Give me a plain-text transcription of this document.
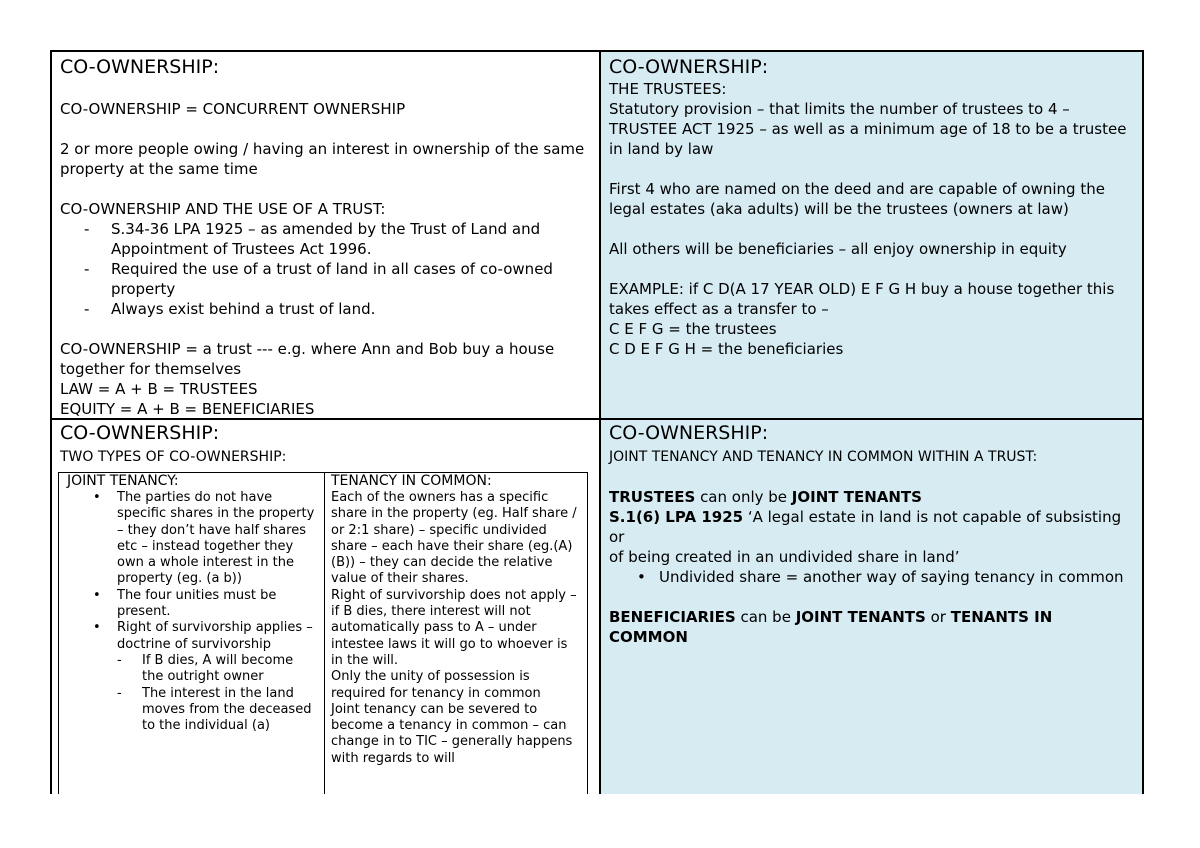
CO-OWNERSHIP:
CO-OWNERSHIP = CONCURRENT OWNERSHIP
2 or more people owing / having an interest in ownership of the same property at the same time
CO-OWNERSHIP AND THE USE OF A TRUST:
- S.34-36 LPA 1925 – as amended by the Trust of Land and Appointment of Trustees Act 1996.
- Required the use of a trust of land in all cases of co-owned property
- Always exist behind a trust of land.
CO-OWNERSHIP = a trust --- e.g. where Ann and Bob buy a house together for themselves
LAW = A + B = TRUSTEES
EQUITY = A + B = BENEFICIARIES
CO-OWNERSHIP:
THE TRUSTEES:
Statutory provision – that limits the number of trustees to 4 – TRUSTEE ACT 1925 – as well as a minimum age of 18 to be a trustee in land by law
First 4 who are named on the deed and are capable of owning the legal estates (aka adults) will be the trustees (owners at law)
All others will be beneficiaries – all enjoy ownership in equity
EXAMPLE: if C D(A 17 YEAR OLD) E F G H buy a house together this takes effect as a transfer to –
C E F G = the trustees
C D E F G H = the beneficiaries
CO-OWNERSHIP:
TWO TYPES OF CO-OWNERSHIP:
JOINT TENANCY:
• The parties do not have specific shares in the property – they don’t have half shares etc – instead together they own a whole interest in the property (eg. (a b))
• The four unities must be present.
• Right of survivorship applies – doctrine of survivorship
- If B dies, A will become the outright owner
- The interest in the land moves from the deceased to the individual (a)
TENANCY IN COMMON:
Each of the owners has a specific share in the property (eg. Half share / or 2:1 share) – specific undivided share – each have their share (eg.(A) (B)) – they can decide the relative value of their shares.
Right of survivorship does not apply – if B dies, there interest will not automatically pass to A – under intestee laws it will go to whoever is in the will.
Only the unity of possession is required for tenancy in common
Joint tenancy can be severed to become a tenancy in common – can change in to TIC – generally happens with regards to will
CO-OWNERSHIP:
JOINT TENANCY AND TENANCY IN COMMON WITHIN A TRUST:
TRUSTEES can only be JOINT TENANTS
S.1(6) LPA 1925 ‘A legal estate in land is not capable of subsisting or
of being created in an undivided share in land’
• Undivided share = another way of saying tenancy in common
BENEFICIARIES can be JOINT TENANTS or TENANTS IN COMMON
